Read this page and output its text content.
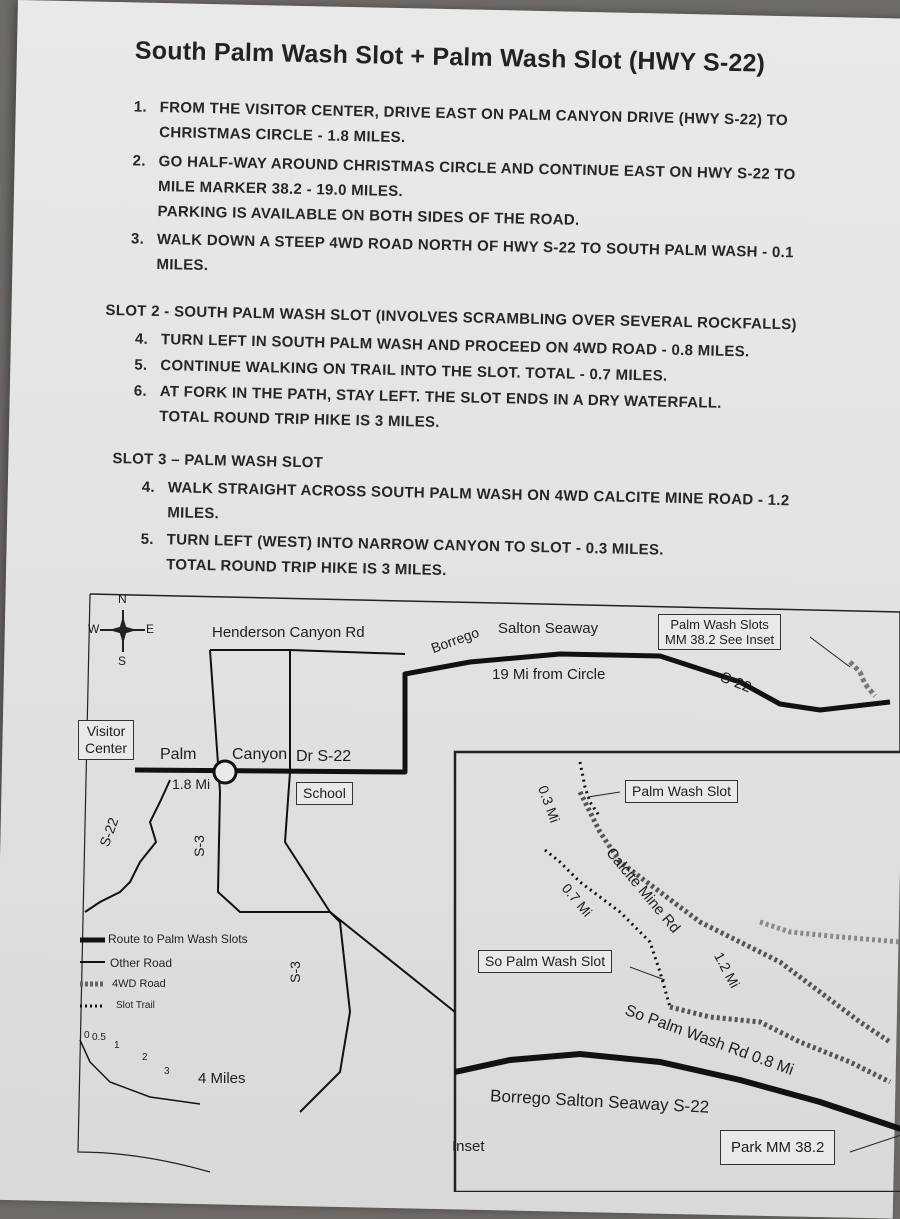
South Palm Wash Slot + Palm Wash Slot (HWY S-22)
1. FROM THE VISITOR CENTER, DRIVE EAST ON PALM CANYON DRIVE (HWY S-22) TO
CHRISTMAS CIRCLE - 1.8 MILES.
2. GO HALF-WAY AROUND CHRISTMAS CIRCLE AND CONTINUE EAST ON HWY S-22 TO
MILE MARKER 38.2 - 19.0 MILES.
PARKING IS AVAILABLE ON BOTH SIDES OF THE ROAD.
3. WALK DOWN A STEEP 4WD ROAD NORTH OF HWY S-22 TO SOUTH PALM WASH - 0.1
MILES.
SLOT 2 - SOUTH PALM WASH SLOT (INVOLVES SCRAMBLING OVER SEVERAL ROCKFALLS)
4. TURN LEFT IN SOUTH PALM WASH AND PROCEED ON 4WD ROAD - 0.8 MILES.
5. CONTINUE WALKING ON TRAIL INTO THE SLOT. TOTAL - 0.7 MILES.
6. AT FORK IN THE PATH, STAY LEFT. THE SLOT ENDS IN A DRY WATERFALL.
TOTAL ROUND TRIP HIKE IS 3 MILES.
SLOT 3 – PALM WASH SLOT
4. WALK STRAIGHT ACROSS SOUTH PALM WASH ON 4WD CALCITE MINE ROAD - 1.2
MILES.
5. TURN LEFT (WEST) INTO NARROW CANYON TO SLOT - 0.3 MILES.
TOTAL ROUND TRIP HIKE IS 3 MILES.
N
S
E
W	Henderson Canyon Rd	Borrego Salton Seaway
19 Mi from Circle	S-22
Palm Wash Slots
MM 38.2 See Inset
Visitor
Center	Palm Canyon Dr S-22
1.8 Mi
School
S-22	S-3
S-3
Route to Palm Wash Slots
Other Road
4WD Road
Slot Trail
0 0.5
1
2
3 4 Miles
Palm Wash Slot
0.3 Mi
Calcite Mine Rd
0.7 Mi
1.2 Mi
So Palm Wash Slot
So Palm Wash Rd 0.8 Mi
Borrego Salton Seaway S-22
Park MM 38.2
Inset
